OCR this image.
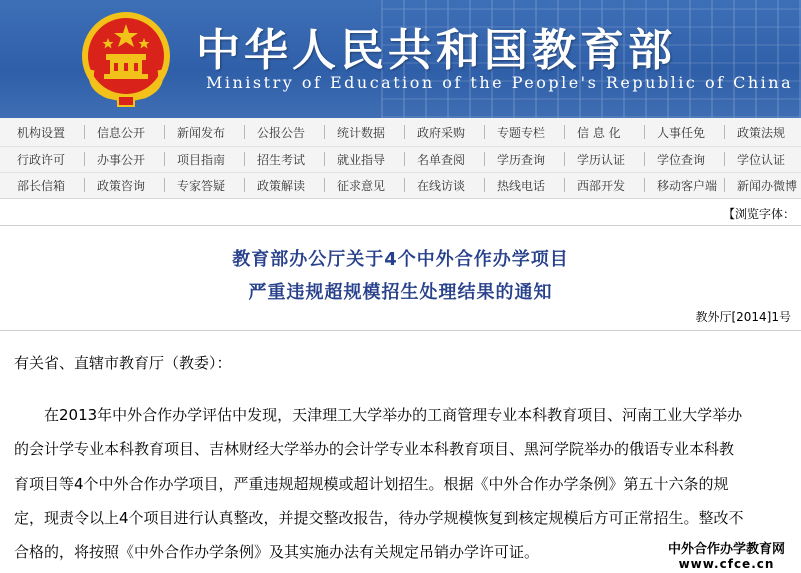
中华人民共和国教育部
Ministry of Education of the People's Republic of China
机构设置	信息公开	新闻发布	公报公告	统计数据	政府采购	专题专栏	信 息 化	人事任免	政策法规
行政许可	办事公开	项目指南	招生考试	就业指导	名单查阅	学历查询	学历认证	学位查询	学位认证
部长信箱	政策咨询	专家答疑	政策解读	征求意见	在线访谈	热线电话	西部开发	移动客户端 新闻办微博
【浏览字体：
教育部办公厅关于4个中外合作办学项目
严重违规超规模招生处理结果的通知
教外厅[2014]1号
有关省、直辖市教育厅（教委）：
　　在2013年中外合作办学评估中发现，天津理工大学举办的工商管理专业本科教育项目、河南工业大学举办
的会计学专业本科教育项目、吉林财经大学举办的会计学专业本科教育项目、黑河学院举办的俄语专业本科教
育项目等4个中外合作办学项目，严重违规超规模或超计划招生。根据《中外合作办学条例》第五十六条的规
定，现责令以上4个项目进行认真整改，并提交整改报告，待办学规模恢复到核定规模后方可正常招生。整改不
合格的，将按照《中外合作办学条例》及其实施办法有关规定吊销办学许可证。	中外合作办学教育网
www.cfce.cn
